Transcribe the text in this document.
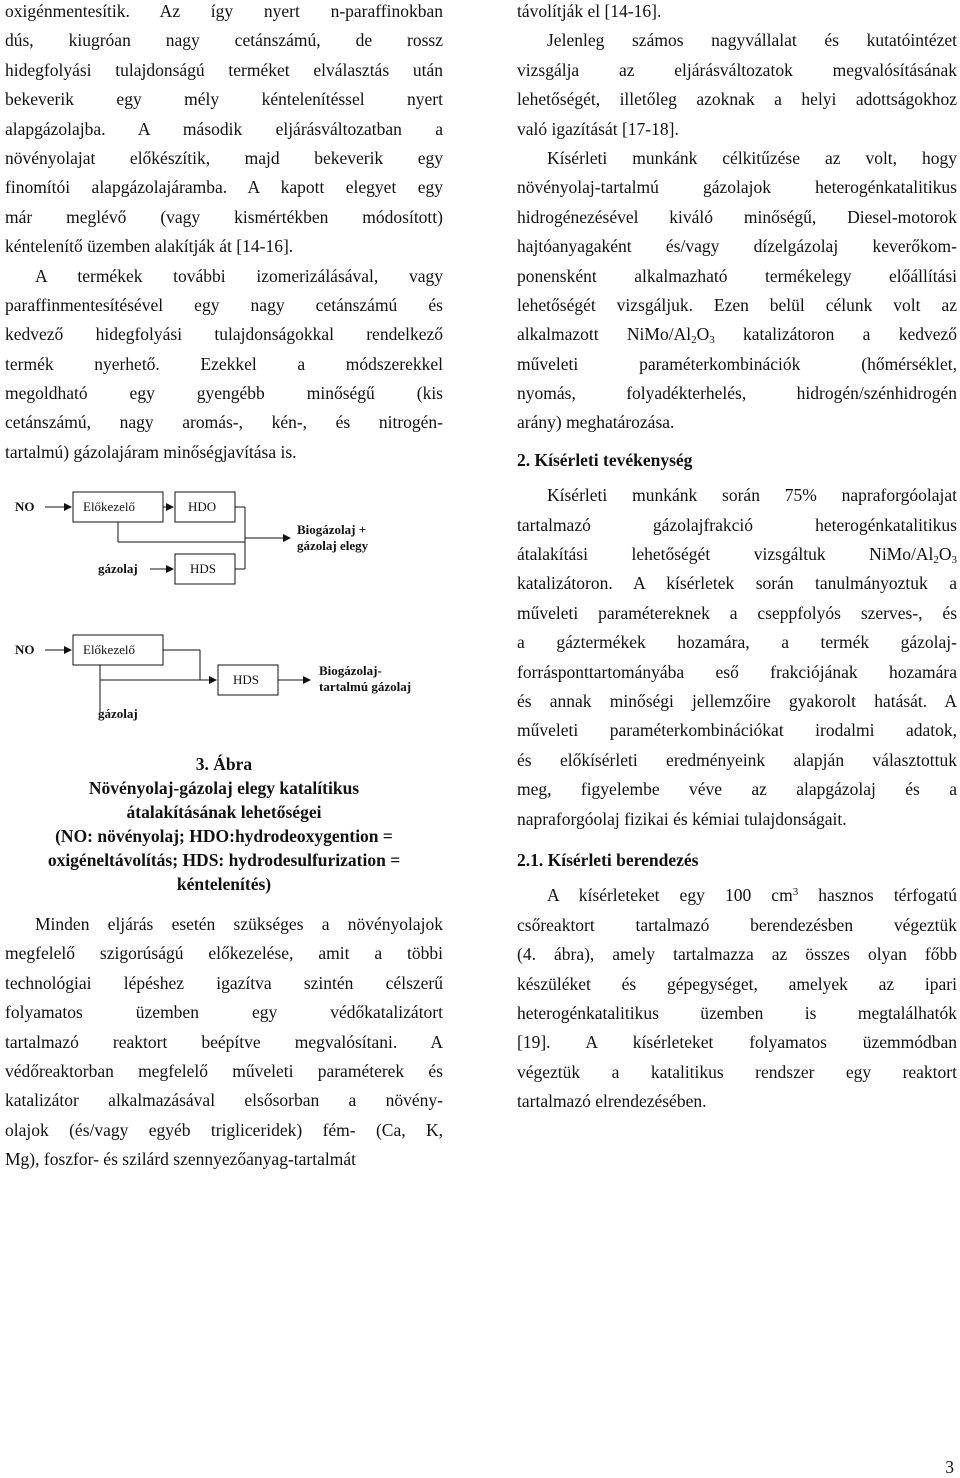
oxigénmentesítik. Az így nyert n-paraffinokban
dús, kiugróan nagy cetánszámú, de rossz
hidegfolyási tulajdonságú terméket elválasztás után
bekeverik egy mély kéntelenítéssel nyert
alapgázolajba. A második eljárásváltozatban a
növényolajat előkészítik, majd bekeverik egy
finomítói alapgázolajáramba. A kapott elegyet egy
már meglévő (vagy kismértékben módosított)
kéntelenítő üzemben alakítják át [14-16].
A termékek további izomerizálásával, vagy
paraffinmentesítésével egy nagy cetánszámú és
kedvező hidegfolyási tulajdonságokkal rendelkező
termék nyerhető. Ezekkel a módszerekkel
megoldható egy gyengébb minőségű (kis
cetánszámú, nagy aromás-, kén-, és nitrogén-
tartalmú) gázolajáram minőségjavítása is.
NO	Előkezelő	HDO
gázolaj	HDS
Biogázolaj +
gázolaj elegy
NO	Előkezelő
gázolaj
HDS
Biogázolaj-
tartalmú gázolaj
3. Ábra
Növényolaj-gázolaj elegy katalítikus
átalakításának lehetőségei
(NO: növényolaj; HDO:hydrodeoxygention =
oxigéneltávolítás; HDS: hydrodesulfurization =
kéntelenítés)
Minden eljárás esetén szükséges a növényolajok
megfelelő szigorúságú előkezelése, amit a többi
technológiai lépéshez igazítva szintén célszerű
folyamatos üzemben egy védőkatalizátort
tartalmazó reaktort beépítve megvalósítani. A
védőreaktorban megfelelő műveleti paraméterek és
katalizátor alkalmazásával elsősorban a növény-
olajok (és/vagy egyéb trigliceridek) fém- (Ca, K,
Mg), foszfor- és szilárd szennyezőanyag-tartalmát
távolítják el [14-16].
Jelenleg számos nagyvállalat és kutatóintézet
vizsgálja az eljárásváltozatok megvalósításának
lehetőségét, illetőleg azoknak a helyi adottságokhoz
való igazítását [17-18].
Kísérleti munkánk célkitűzése az volt, hogy
növényolaj-tartalmú gázolajok heterogénkatalitikus
hidrogénezésével kiváló minőségű, Diesel-motorok
hajtóanyagaként és/vagy dízelgázolaj keverőkom-
ponensként alkalmazható termékelegy előállítási
lehetőségét vizsgáljuk. Ezen belül célunk volt az
alkalmazott NiMo/$Al_2O_3$ katalizátoron a kedvező
műveleti paraméterkombinációk (hőmérséklet,
nyomás, folyadékterhelés, hidrogén/szénhidrogén
arány) meghatározása.
2. Kísérleti tevékenység
Kísérleti munkánk során 75% napraforgóolajat
tartalmazó gázolajfrakció heterogénkatalitikus
átalakítási lehetőségét vizsgáltuk NiMo/$Al_2O_3$
katalizátoron. A kísérletek során tanulmányoztuk a
műveleti paramétereknek a cseppfolyós szerves-, és
a gáztermékek hozamára, a termék gázolaj-
forrásponttartományába eső frakciójának hozamára
és annak minőségi jellemzőire gyakorolt hatását. A
műveleti paraméterkombinációkat irodalmi adatok,
és előkísérleti eredményeink alapján választottuk
meg, figyelembe véve az alapgázolaj és a
napraforgóolaj fizikai és kémiai tulajdonságait.
2.1. Kísérleti berendezés
A kísérleteket egy 100 $cm^3$ hasznos térfogatú
csőreaktort tartalmazó berendezésben végeztük
(4. ábra), amely tartalmazza az összes olyan főbb
készüléket és gépegységet, amelyek az ipari
heterogénkatalitikus üzemben is megtalálhatók
[19]. A kísérleteket folyamatos üzemmódban
végeztük a katalitikus rendszer egy reaktort
tartalmazó elrendezésében.
3
